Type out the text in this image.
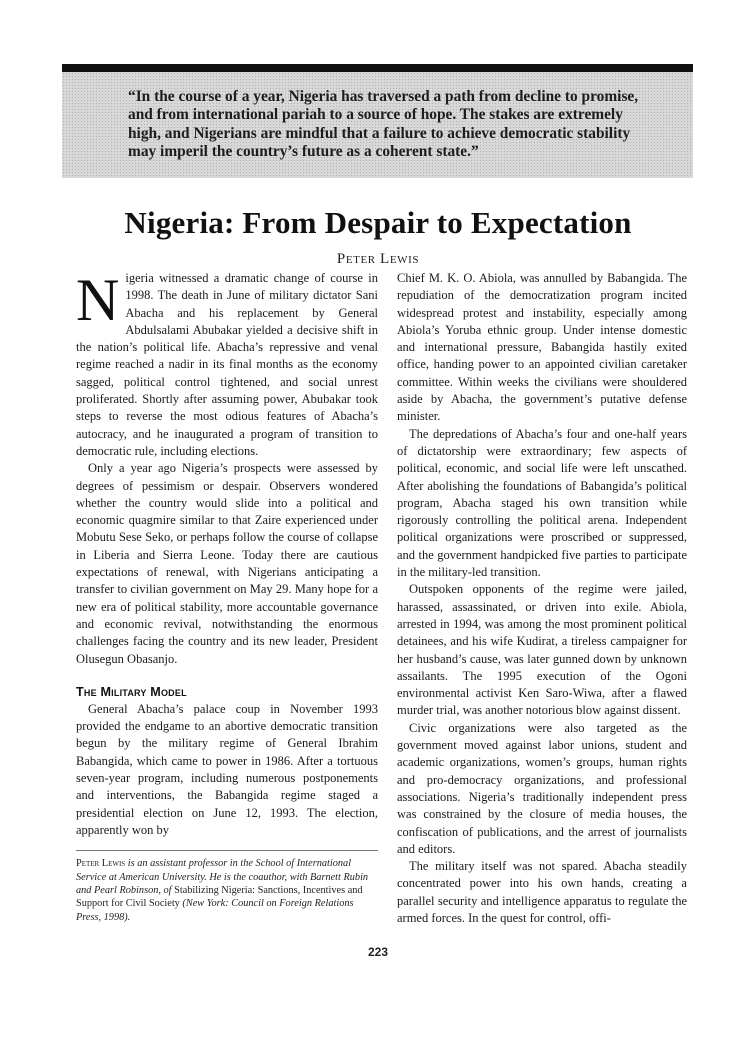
“In the course of a year, Nigeria has traversed a path from decline to promise, and from international pariah to a source of hope. The stakes are extremely high, and Nigerians are mindful that a failure to achieve democratic stability may imperil the country’s future as a coherent state.”
Nigeria: From Despair to Expectation
Peter Lewis

Nigeria witnessed a dramatic change of course in 1998. The death in June of military dictator Sani Abacha and his replacement by General Abdulsalami Abubakar yielded a decisive shift in the nation’s political life. Abacha’s repressive and venal regime reached a nadir in its final months as the economy sagged, political control tightened, and social unrest proliferated. Shortly after assuming power, Abubakar took steps to reverse the most odious features of Abacha’s autocracy, and he inaugurated a program of transition to democratic rule, including elections.

Only a year ago Nigeria’s prospects were assessed by degrees of pessimism or despair. Observers wondered whether the country would slide into a political and economic quagmire similar to that Zaire experienced under Mobutu Sese Seko, or perhaps follow the course of collapse in Liberia and Sierra Leone. Today there are cautious expectations of renewal, with Nigerians anticipating a transfer to civilian government on May 29. Many hope for a new era of political stability, more accountable governance and economic revival, notwithstanding the enormous challenges facing the country and its new leader, President Olusegun Obasanjo.

The Military Model

General Abacha’s palace coup in November 1993 provided the endgame to an abortive democratic transition begun by the military regime of General Ibrahim Babangida, which came to power in 1986. After a tortuous seven-year program, including numerous postponements and interventions, the Babangida regime staged a presidential election on June 12, 1993. The election, apparently won by

Peter Lewis is an assistant professor in the School of International Service at American University. He is the coauthor, with Barnett Rubin and Pearl Robinson, of Stabilizing Nigeria: Sanctions, Incentives and Support for Civil Society (New York: Council on Foreign Relations Press, 1998).

Chief M. K. O. Abiola, was annulled by Babangida. The repudiation of the democratization program incited widespread protest and instability, especially among Abiola’s Yoruba ethnic group. Under intense domestic and international pressure, Babangida hastily exited office, handing power to an appointed civilian caretaker committee. Within weeks the civilians were shouldered aside by Abacha, the government’s putative defense minister.

The depredations of Abacha’s four and one-half years of dictatorship were extraordinary; few aspects of political, economic, and social life were left unscathed. After abolishing the foundations of Babangida’s political program, Abacha staged his own transition while rigorously controlling the political arena. Independent political organizations were proscribed or suppressed, and the government handpicked five parties to participate in the military-led transition.

Outspoken opponents of the regime were jailed, harassed, assassinated, or driven into exile. Abiola, arrested in 1994, was among the most prominent political detainees, and his wife Kudirat, a tireless campaigner for her husband’s cause, was later gunned down by unknown assailants. The 1995 execution of the Ogoni environmental activist Ken Saro-Wiwa, after a flawed murder trial, was another notorious blow against dissent.

Civic organizations were also targeted as the government moved against labor unions, student and academic organizations, women’s groups, human rights and pro-democracy organizations, and professional associations. Nigeria’s traditionally independent press was constrained by the closure of media houses, the confiscation of publications, and the arrest of journalists and editors.

The military itself was not spared. Abacha steadily concentrated power into his own hands, creating a parallel security and intelligence apparatus to regulate the armed forces. In the quest for control, offi-

223
